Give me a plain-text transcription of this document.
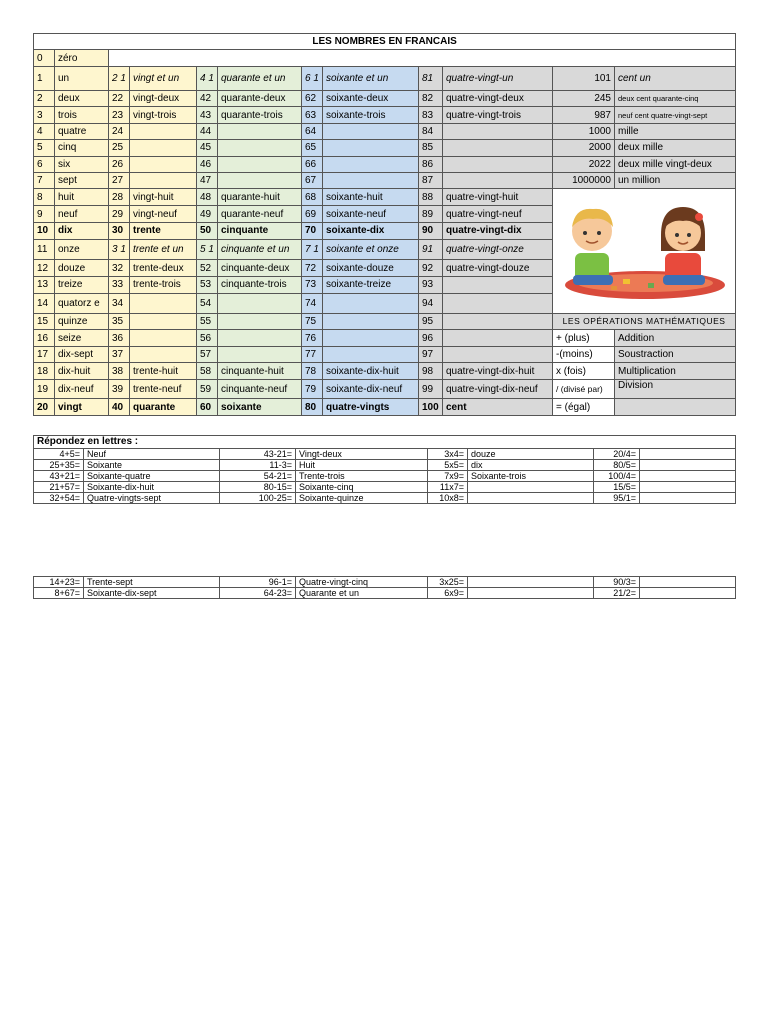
LES NOMBRES EN FRANCAIS											
0	zéro										
1	un	2 1	vingt et un	4 1	quarante et un	6 1	soixante et un	81	quatre-vingt-un	101	cent un
2	deux	22	vingt-deux	42	quarante-deux	62	soixante-deux	82	quatre-vingt-deux	245	deux cent quarante-cinq
3	trois	23	vingt-trois	43	quarante-trois	63	soixante-trois	83	quatre-vingt-trois	987	neuf cent quatre-vingt-sept
4	quatre	24		44		64		84		1000	mille
5	cinq	25		45		65		85		2000	deux mille
6	six	26		46		66		86		2022	deux mille vingt-deux
7	sept	27		47		67		87		1000000	un million
8	huit	28	vingt-huit	48	quarante-huit	68	soixante-huit	88	quatre-vingt-huit	
9	neuf	29	vingt-neuf	49	quarante-neuf	69	soixante-neuf	89	quatre-vingt-neuf		
10	dix	30	trente	50	cinquante	70	soixante-dix	90	quatre-vingt-dix		
11	onze	3 1	trente et un	5 1	cinquante et un	7 1	soixante et onze	91	quatre-vingt-onze		
12	douze	32	trente-deux	52	cinquante-deux	72	soixante-douze	92	quatre-vingt-douze		
13	treize	33	trente-trois	53	cinquante-trois	73	soixante-treize	93			
14	quatorz e	34		54		74		94			
15	quinze	35		55		75		95		LES OPÉRATIONS MATHÉMATIQUES	
16	seize	36		56		76		96		+ (plus)	Addition
17	dix-sept	37		57		77		97		-(moins)	Soustraction
18	dix-huit	38	trente-huit	58	cinquante-huit	78	soixante-dix-huit	98	quatre-vingt-dix-huit	x (fois)	Multiplication
19	dix-neuf	39	trente-neuf	59	cinquante-neuf	79	soixante-dix-neuf	99	quatre-vingt-dix-neuf	/ (divisé par)	Division
20	vingt	40	quarante	60	soixante	80	quatre-vingts	100	cent	= (égal)	
Répondez en lettres :							
4+5=	Neuf	43-21=	Vingt-deux	3x4=	douze	20/4=	
25+35=	Soixante	11-3=	Huit	5x5=	dix	80/5=	
43+21=	Soixante-quatre	54-21=	Trente-trois	7x9=	Soixante-trois	100/4=	
21+57=	Soixante-dix-huit	80-15=	Soixante-cinq	11x7=		15/5=	
32+54=	Quatre-vingts-sept	100-25=	Soixante-quinze	10x8=		95/1=	
14+23=	Trente-sept	96-1=	Quatre-vingt-cinq	3x25=		90/3=	
8+67=	Soixante-dix-sept	64-23=	Quarante et un	6x9=		21/2=	
